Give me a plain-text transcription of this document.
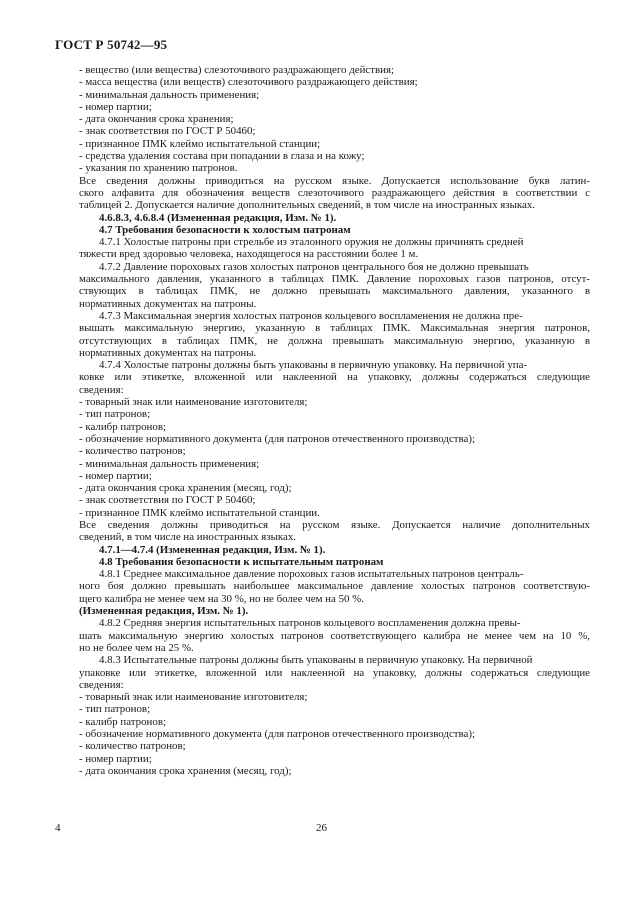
ГОСТ Р 50742—95
- вещество (или вещества) слезоточивого раздражающего действия;
- масса вещества (или веществ) слезоточивого раздражающего действия;
- минимальная дальность применения;
- номер партии;
- дата окончания срока хранения;
- знак соответствия по ГОСТ Р 50460;
- признанное ПМК клеймо испытательной станции;
- средства удаления состава при попадании в глаза и на кожу;
- указания по хранению патронов.
Все сведения должны приводиться на русском языке. Допускается использование букв латин-
ского алфавита для обозначения веществ слезоточивого раздражающего действия в соответствии с
таблицей 2. Допускается наличие дополнительных сведений, в том числе на иностранных языках.
4.6.8.3, 4.6.8.4 (Измененная редакция, Изм. № 1).
4.7 Требования безопасности к холостым патронам
4.7.1 Холостые патроны при стрельбе из эталонного оружия не должны причинять средней
тяжести вред здоровью человека, находящегося на расстоянии более 1 м.
4.7.2 Давление пороховых газов холостых патронов центрального боя не должно превышать
максимального давления, указанного в таблицах ПМК. Давление пороховых газов патронов, отсут-
ствующих в таблицах ПМК, не должно превышать максимального давления, указанного в
нормативных документах на патроны.
4.7.3 Максимальная энергия холостых патронов кольцевого воспламенения не должна пре-
вышать максимальную энергию, указанную в таблицах ПМК. Максимальная энергия патронов,
отсутствующих в таблицах ПМК, не должна превышать максимальную энергию, указанную в
нормативных документах на патроны.
4.7.4 Холостые патроны должны быть упакованы в первичную упаковку. На первичной упа-
ковке или этикетке, вложенной или наклеенной на упаковку, должны содержаться следующие
сведения:
- товарный знак или наименование изготовителя;
- тип патронов;
- калибр патронов;
- обозначение нормативного документа (для патронов отечественного производства);
- количество патронов;
- минимальная дальность применения;
- номер партии;
- дата окончания срока хранения (месяц, год);
- знак соответствия по ГОСТ Р 50460;
- признанное ПМК клеймо испытательной станции.
Все сведения должны приводиться на русском языке. Допускается наличие дополнительных
сведений, в том числе на иностранных языках.
4.7.1—4.7.4 (Измененная редакция, Изм. № 1).
4.8 Требования безопасности к испытательным патронам
4.8.1 Среднее максимальное давление пороховых газов испытательных патронов централь-
ного боя должно превышать наибольшее максимальное давление холостых патронов соответствую-
щего калибра не менее чем на 30 %, но не более чем на 50 %.
(Измененная редакция, Изм. № 1).
4.8.2 Средняя энергия испытательных патронов кольцевого воспламенения должна превы-
шать максимальную энергию холостых патронов соответствующего калибра не менее чем на 10 %,
но не более чем на 25 %.
4.8.3 Испытательные патроны должны быть упакованы в первичную упаковку. На первичной
упаковке или этикетке, вложенной или наклеенной на упаковку, должны содержаться следующие
сведения:
- товарный знак или наименование изготовителя;
- тип патронов;
- калибр патронов;
- обозначение нормативного документа (для патронов отечественного производства);
- количество патронов;
- номер партии;
- дата окончания срока хранения (месяц, год);
4	26
